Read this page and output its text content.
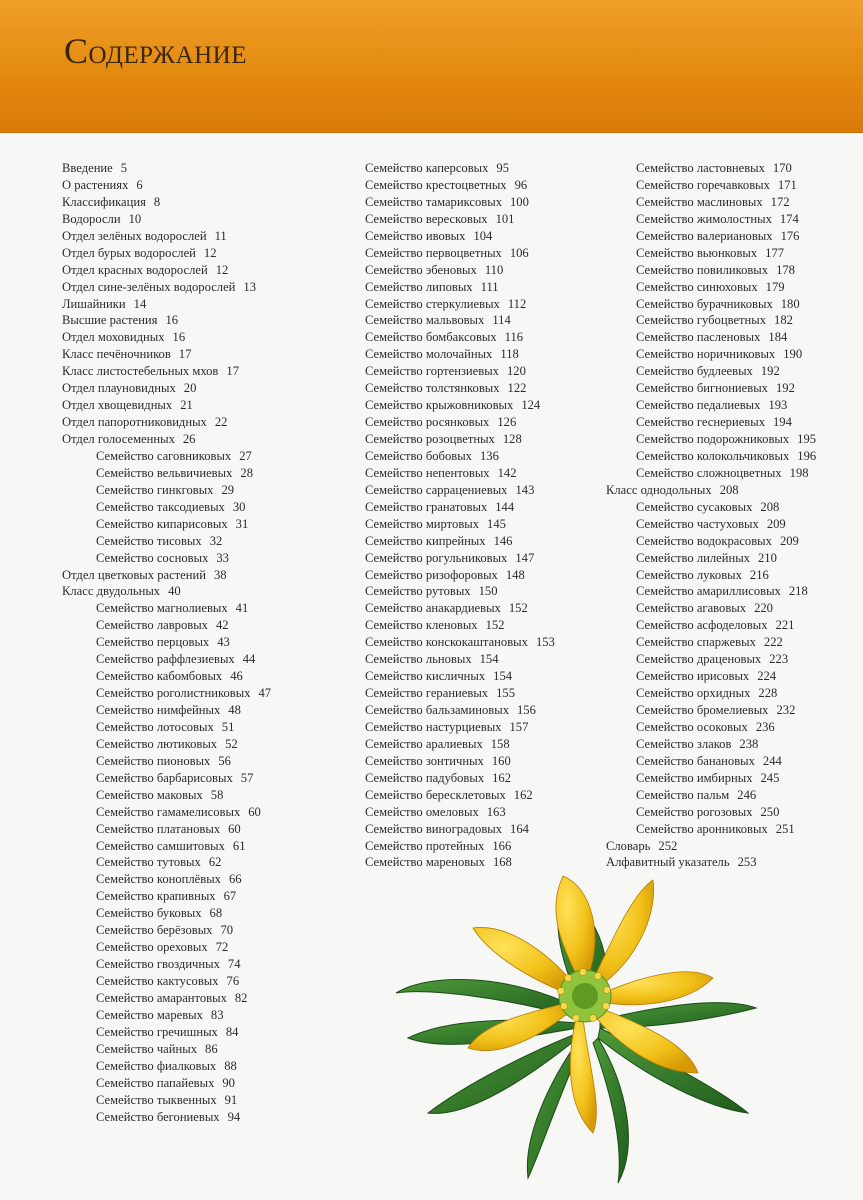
Содержание
Введение 5
О растениях 6
Классификация 8
Водоросли 10
Отдел зелёных водорослей 11
Отдел бурых водорослей 12
Отдел красных водорослей 12
Отдел сине-зелёных водорослей 13
Лишайники 14
Высшие растения 16
Отдел моховидных 16
Класс печёночников 17
Класс листостебельных мхов 17
Отдел плауновидных 20
Отдел хвощевидных 21
Отдел папоротниковидных 22
Отдел голосеменных 26
Семейство саговниковых 27
Семейство вельвичиевых 28
Семейство гинкговых 29
Семейство таксодиевых 30
Семейство кипарисовых 31
Семейство тисовых 32
Семейство сосновых 33
Отдел цветковых растений 38
Класс двудольных 40
Семейство магнолиевых 41
Семейство лавровых 42
Семейство перцовых 43
Семейство раффлезиевых 44
Семейство кабомбовых 46
Семейство роголистниковых 47
Семейство нимфейных 48
Семейство лотосовых 51
Семейство лютиковых 52
Семейство пионовых 56
Семейство барбарисовых 57
Семейство маковых 58
Семейство гамамелисовых 60
Семейство платановых 60
Семейство самшитовых 61
Семейство тутовых 62
Семейство коноплёвых 66
Семейство крапивных 67
Семейство буковых 68
Семейство берёзовых 70
Семейство ореховых 72
Семейство гвоздичных 74
Семейство кактусовых 76
Семейство амарантовых 82
Семейство маревых 83
Семейство гречишных 84
Семейство чайных 86
Семейство фиалковых 88
Семейство папайевых 90
Семейство тыквенных 91
Семейство бегониевых 94
Семейство каперсовых 95
Семейство крестоцветных 96
Семейство тамариксовых 100
Семейство вересковых 101
Семейство ивовых 104
Семейство первоцветных 106
Семейство эбеновых 110
Семейство липовых 111
Семейство стеркулиевых 112
Семейство мальвовых 114
Семейство бомбаксовых 116
Семейство молочайных 118
Семейство гортензиевых 120
Семейство толстянковых 122
Семейство крыжовниковых 124
Семейство росянковых 126
Семейство розоцветных 128
Семейство бобовых 136
Семейство непентовых 142
Семейство саррацениевых 143
Семейство гранатовых 144
Семейство миртовых 145
Семейство кипрейных 146
Семейство рогульниковых 147
Семейство ризофоровых 148
Семейство рутовых 150
Семейство анакардиевых 152
Семейство кленовых 152
Семейство конскокаштановых 153
Семейство льновых 154
Семейство кисличных 154
Семейство гераниевых 155
Семейство бальзаминовых 156
Семейство настурциевых 157
Семейство аралиевых 158
Семейство зонтичных 160
Семейство падубовых 162
Семейство бересклетовых 162
Семейство омеловых 163
Семейство виноградовых 164
Семейство протейных 166
Семейство мареновых 168
Семейство ластовневых 170
Семейство горечавковых 171
Семейство маслиновых 172
Семейство жимолостных 174
Семейство валериановых 176
Семейство вьюнковых 177
Семейство повиликовых 178
Семейство синюховых 179
Семейство бурачниковых 180
Семейство губоцветных 182
Семейство пасленовых 184
Семейство норичниковых 190
Семейство будлеевых 192
Семейство бигнониевых 192
Семейство педалиевых 193
Семейство геснериевых 194
Семейство подорожниковых 195
Семейство колокольчиковых 196
Семейство сложноцветных 198
Класс однодольных 208
Семейство сусаковых 208
Семейство частуховых 209
Семейство водокрасовых 209
Семейство лилейных 210
Семейство луковых 216
Семейство амариллисовых 218
Семейство агавовых 220
Семейство асфоделовых 221
Семейство спаржевых 222
Семейство драценовых 223
Семейство ирисовых 224
Семейство орхидных 228
Семейство бромелиевых 232
Семейство осоковых 236
Семейство злаков 238
Семейство банановых 244
Семейство имбирных 245
Семейство пальм 246
Семейство рогозовых 250
Семейство аронниковых 251
Словарь 252
Алфавитный указатель 253
